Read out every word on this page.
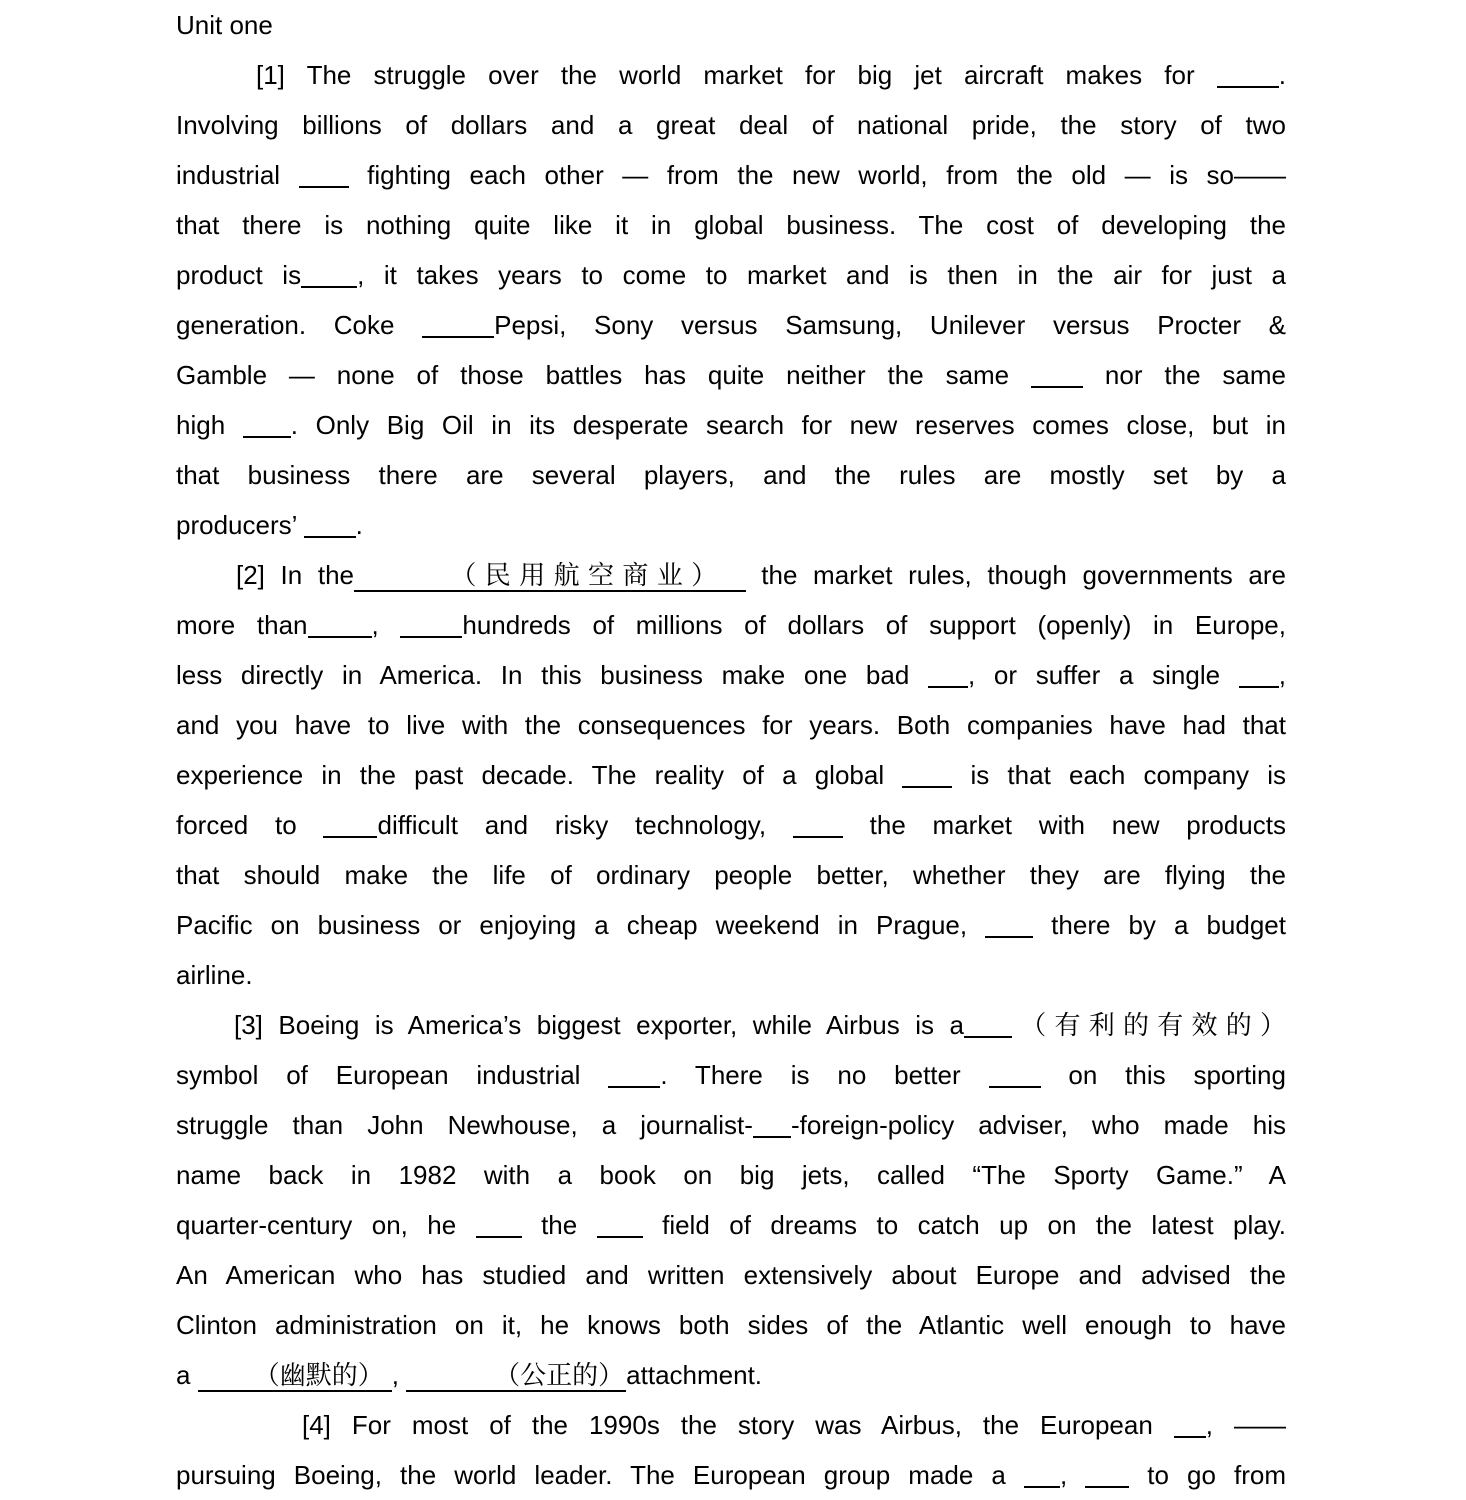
Unit one
[1] The struggle over the world market for big jet aircraft makes for .
Involving billions of dollars and a great deal of national pride, the story of two
industrial  fighting each other — from the new world, from the old — is so——
that there is nothing quite like it in global business. The cost of developing the
product is , it takes years to come to market and is then in the air for just a
generation. Coke	Pepsi, Sony versus Samsung, Unilever versus Procter &
Gamble — none of those battles has quite neither the same  nor the same
high . Only Big Oil in its desperate search for new reserves comes close, but in
that business there are several players, and the rules are mostly set by a
producers’ .
[2] In the	（民用航空商业） the market rules, though governments are
more than , hundreds of millions of dollars of support (openly) in Europe,
less directly in America. In this business make one bad , or suffer a single ,
and you have to live with the consequences for years. Both companies have had that
experience in the past decade. The reality of a global  is that each company is
forced to difficult and risky technology,  the market with new products
that should make the life of ordinary people better, whether they are flying the
Pacific on business or enjoying a cheap weekend in Prague,  there by a budget
airline.
[3] Boeing is America’s biggest exporter, while Airbus is a （有利的有效的）
symbol of European industrial . There is no better  on this sporting
struggle than John Newhouse, a journalist- -foreign-policy adviser, who made his
name back in 1982 with a book on big jets, called “The Sporty Game.” A
quarter-century on, he  the  field of dreams to catch up on the latest play.
An American who has studied and written extensively about Europe and advised the
Clinton administration on it, he knows both sides of the Atlantic well enough to have
a （幽默的） ,	（公正的）attachment.
[4] For most of the 1990s the story was Airbus, the European , ——
pursuing Boeing, the world leader. The European group made a ,  to go from
